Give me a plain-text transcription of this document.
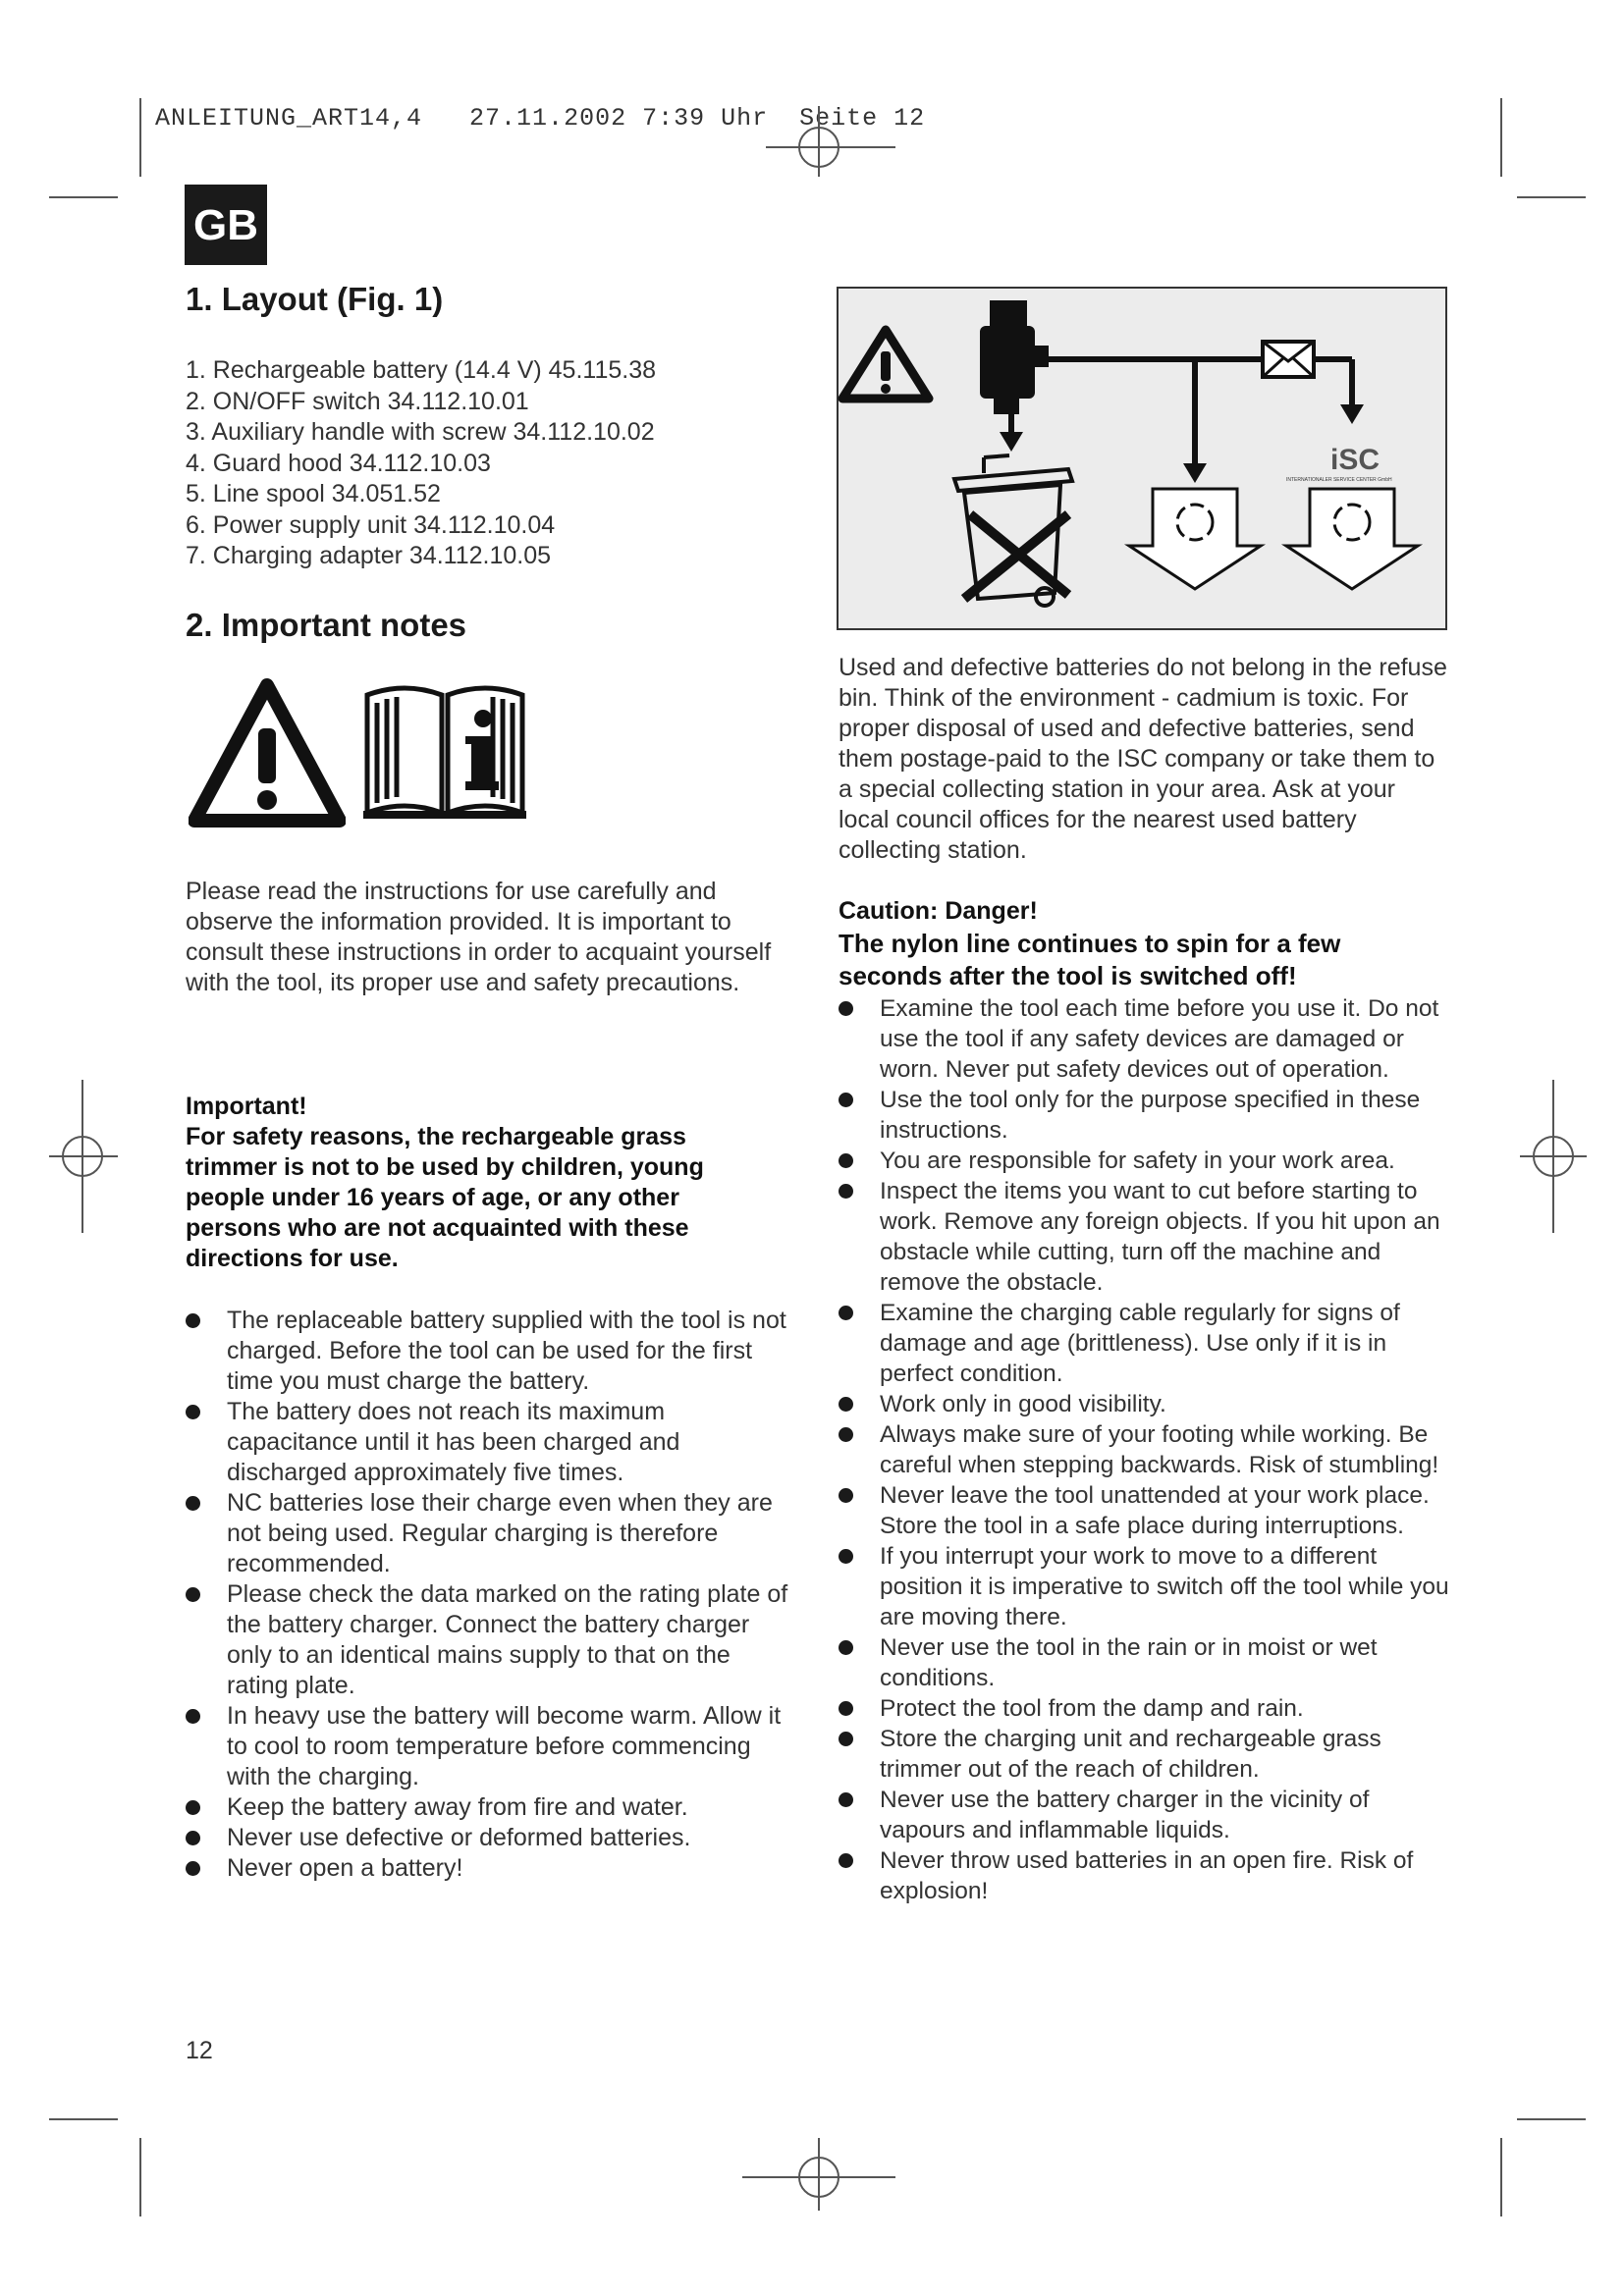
ANLEITUNG_ART14,4   27.11.2002 7:39 Uhr  Seite 12
GB
1. Layout (Fig. 1)
1. Rechargeable battery (14.4 V) 45.115.38
2. ON/OFF switch 34.112.10.01
3. Auxiliary handle with screw 34.112.10.02
4. Guard hood 34.112.10.03
5. Line spool 34.051.52
6. Power supply unit 34.112.10.04
7. Charging adapter 34.112.10.05
2. Important notes

Please read the instructions for use carefully and observe the information provided. It is important to consult these instructions in order to acquaint yourself with the tool, its proper use and safety precautions.

Important!

For safety reasons, the rechargeable grass trimmer is not to be used by children, young people under 16 years of age, or any other persons who are not acquainted with these directions for use.

The replaceable battery supplied with the tool is not charged. Before the tool can be used for the first time you must charge the battery.
The battery does not reach its maximum capacitance until it has been charged and discharged approximately five times.
NC batteries lose their charge even when they are not being used. Regular charging is therefore recommended.
Please check the data marked on the rating plate of the battery charger. Connect the battery charger only to an identical mains supply to that on the rating plate.
In heavy use the battery will become warm. Allow it to cool to room temperature before commencing with the charging.
Keep the battery away from fire and water.
Never use defective or deformed batteries.
Never open a battery!
iSC
INTERNATIONALER SERVICE CENTER GmbH

Used and defective batteries do not belong in the refuse bin. Think of the environment - cadmium is toxic. For proper disposal of used and defective batteries, send them postage-paid to the ISC company or take them to a special collecting station in your area. Ask at your local council offices for the nearest used battery collecting station.

Caution: Danger!

The nylon line continues to spin for a few seconds after the tool is switched off!

Examine the tool each time before you use it. Do not use the tool if any safety devices are damaged or worn. Never put safety devices out of operation.
Use the tool only for the purpose specified in these instructions.
You are responsible for safety in your work area.
Inspect the items you want to cut before starting to work. Remove any foreign objects. If you hit upon an obstacle while cutting, turn off the machine and remove the obstacle.
Examine the charging cable regularly for signs of damage and age (brittleness). Use only if it is in perfect condition.
Work only in good visibility.
Always make sure of your footing while working. Be careful when stepping backwards. Risk of stumbling!
Never leave the tool unattended at your work place. Store the tool in a safe place during interruptions.
If you interrupt your work to move to a different position it is imperative to switch off the tool while you are moving there.
Never use the tool in the rain or in moist or wet conditions.
Protect the tool from the damp and rain.
Store the charging unit and rechargeable grass trimmer out of the reach of children.
Never use the battery charger in the vicinity of vapours and inflammable liquids.
Never throw used batteries in an open fire. Risk of explosion!
12
